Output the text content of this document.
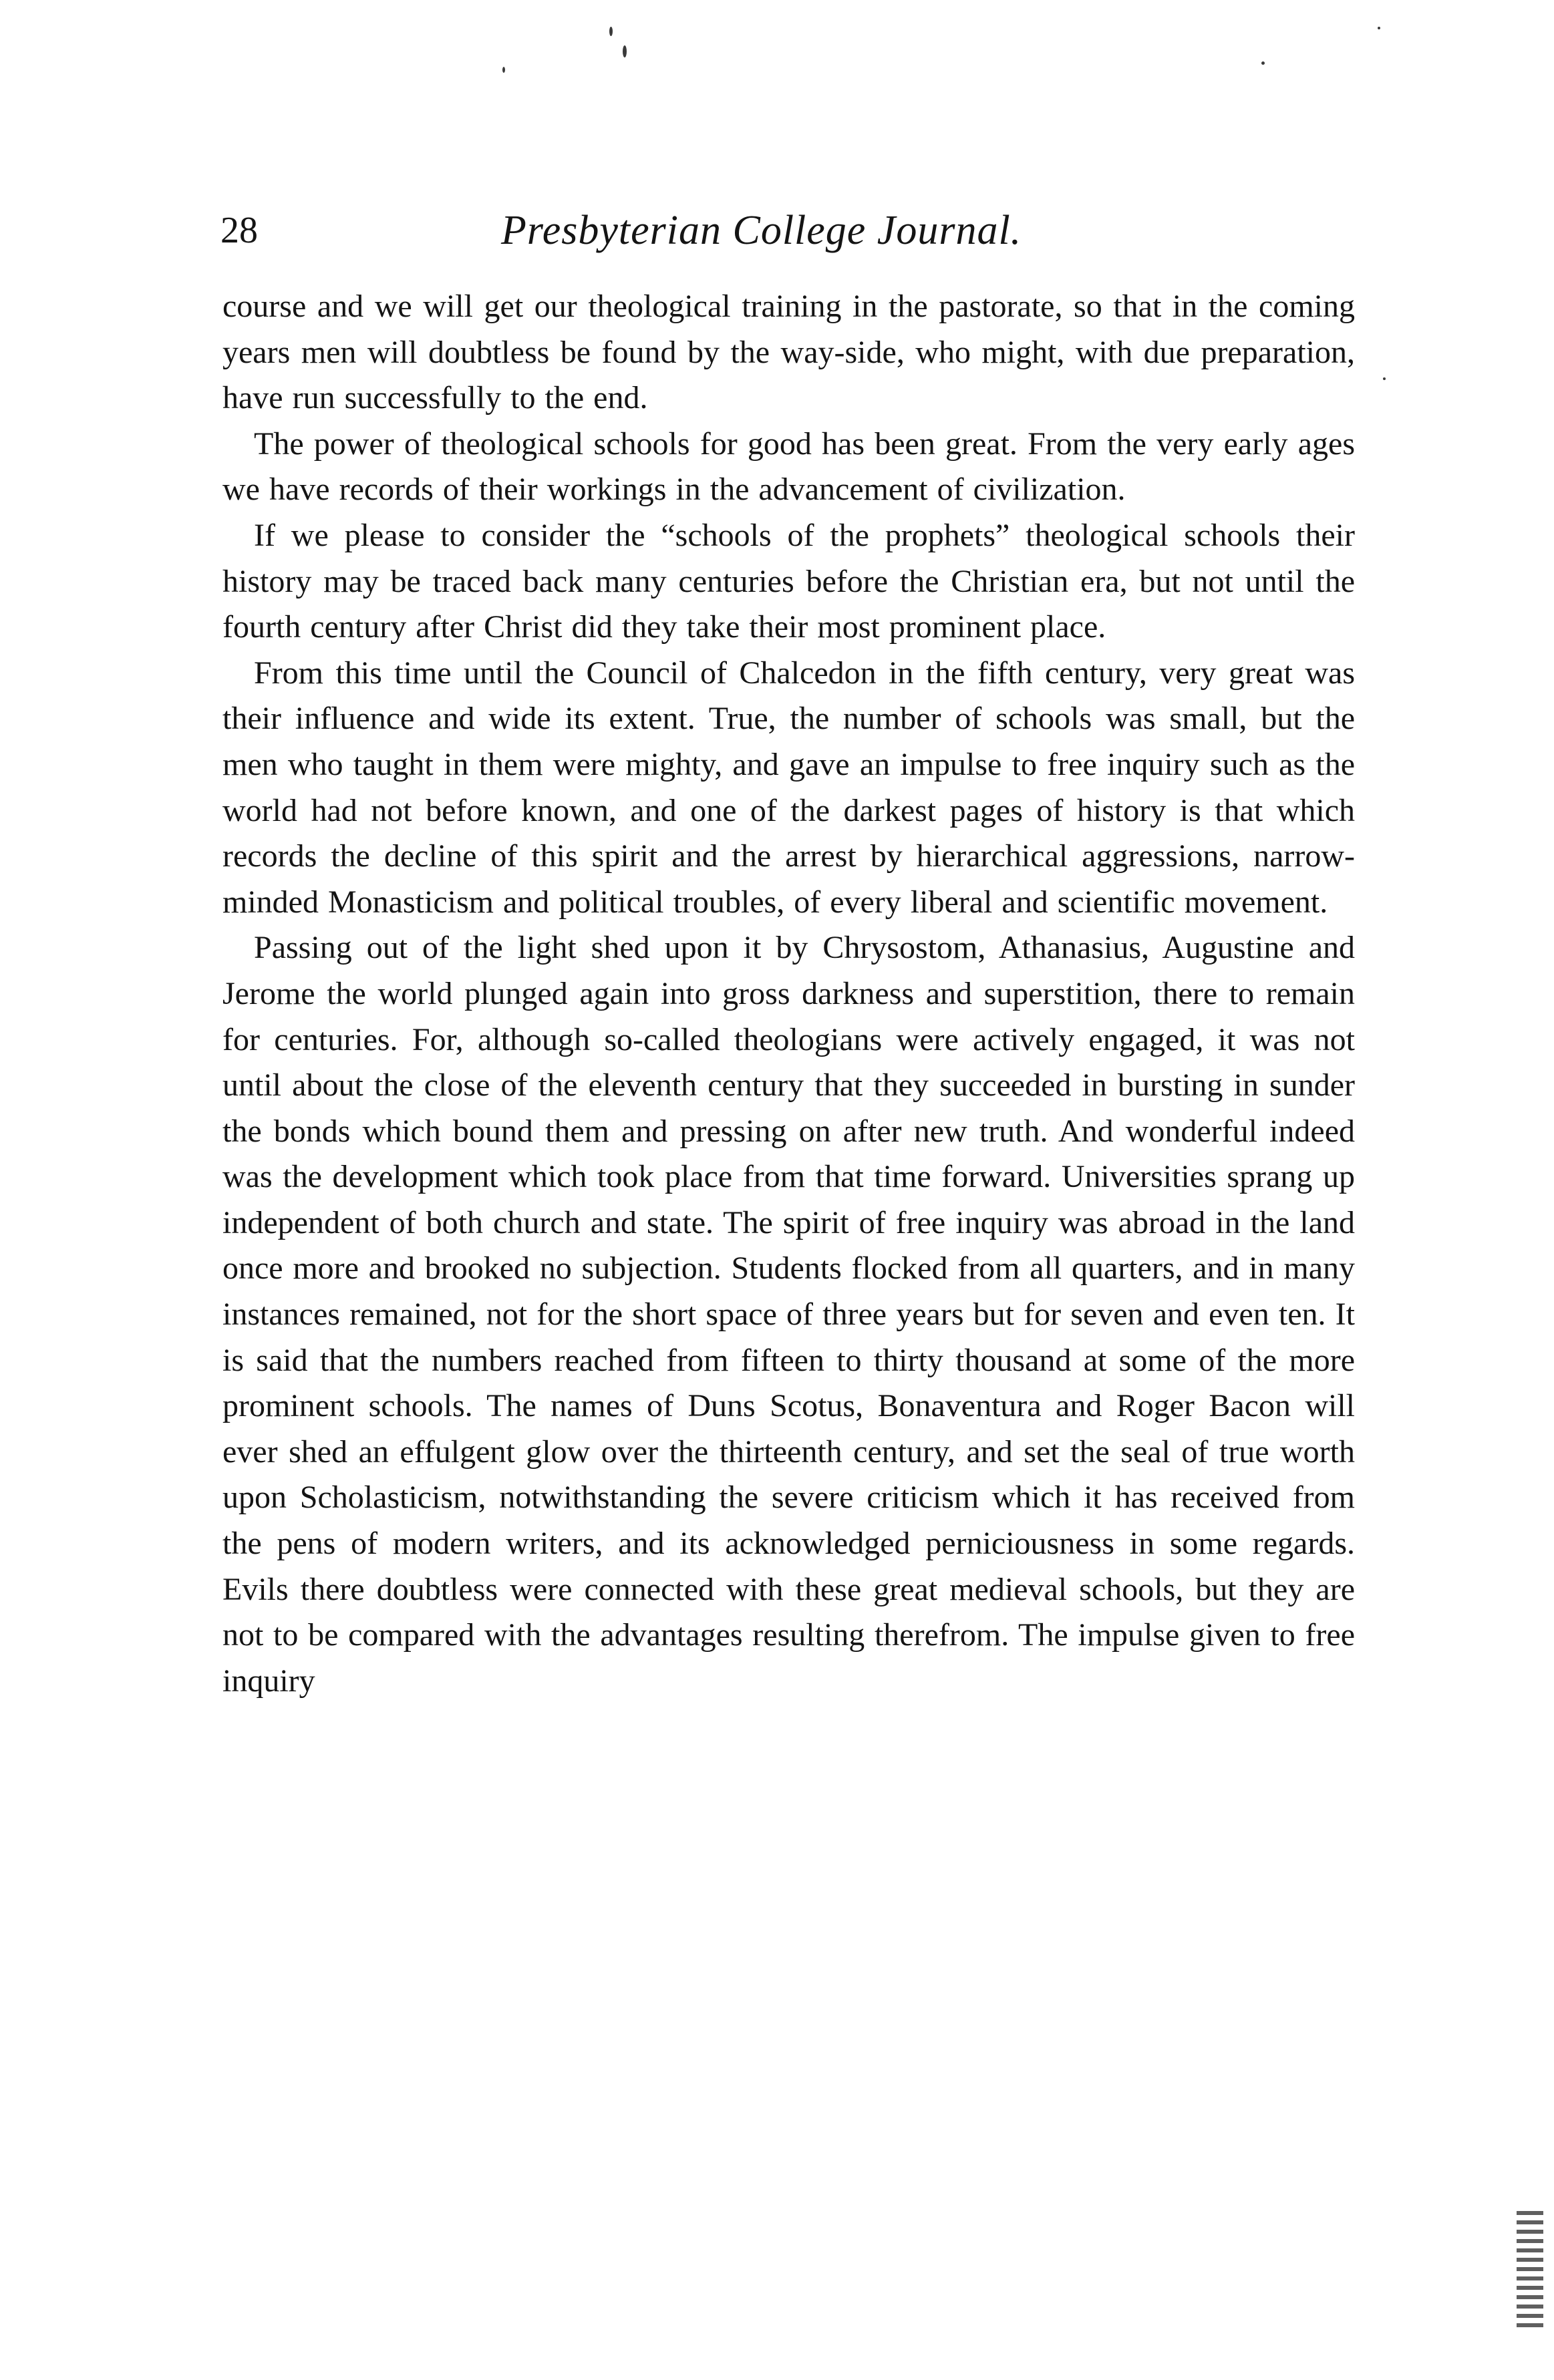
28	Presbyterian College Journal.

course and we will get our theological training in the pastorate, so that in the coming years men will doubtless be found by the way-side, who might, with due preparation, have run successfully to the end.

The power of theological schools for good has been great. From the very early ages we have records of their workings in the advancement of civilization.

If we please to consider the “schools of the prophets” theological schools their history may be traced back many centuries before the Christian era, but not until the fourth century after Christ did they take their most prominent place.

From this time until the Council of Chalcedon in the fifth century, very great was their influence and wide its extent. True, the number of schools was small, but the men who taught in them were mighty, and gave an impulse to free inquiry such as the world had not before known, and one of the darkest pages of history is that which records the decline of this spirit and the arrest by hierarchical aggressions, narrow-minded Monasticism and political troubles, of every liberal and scientific movement.

Passing out of the light shed upon it by Chrysostom, Athanasius, Augustine and Jerome the world plunged again into gross darkness and superstition, there to remain for centuries. For, although so-called theologians were actively engaged, it was not until about the close of the eleventh century that they succeeded in bursting in sunder the bonds which bound them and pressing on after new truth. And wonderful indeed was the development which took place from that time forward. Universities sprang up independent of both church and state. The spirit of free inquiry was abroad in the land once more and brooked no subjection. Students flocked from all quarters, and in many instances remained, not for the short space of three years but for seven and even ten. It is said that the numbers reached from fifteen to thirty thousand at some of the more prominent schools. The names of Duns Scotus, Bonaventura and Roger Bacon will ever shed an effulgent glow over the thirteenth century, and set the seal of true worth upon Scholasticism, notwithstanding the severe criticism which it has received from the pens of modern writers, and its acknowledged perniciousness in some regards. Evils there doubtless were connected with these great medieval schools, but they are not to be compared with the advantages resulting therefrom. The impulse given to free inquiry
